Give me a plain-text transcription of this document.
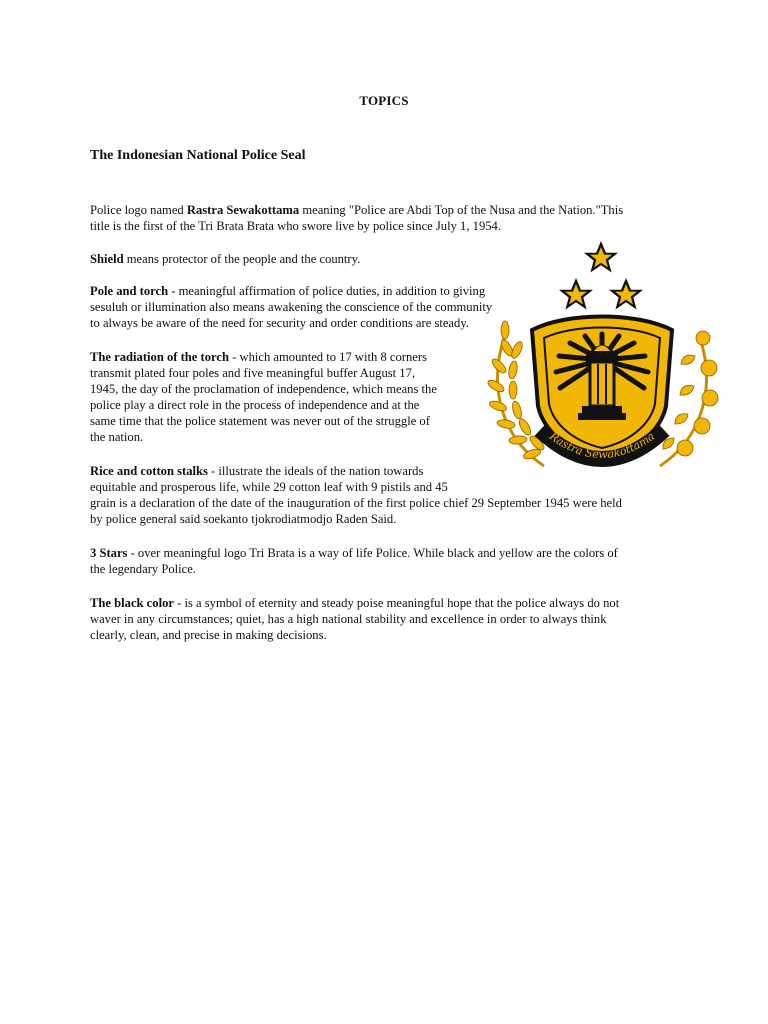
TOPICS
The Indonesian National Police Seal

Police logo named Rastra Sewakottama meaning "Police are Abdi Top of the Nusa and the Nation."This
title is the first of the Tri Brata Brata who swore live by police since July 1, 1954.

Shield means protector of the people and the country.

Pole and torch - meaningful affirmation of police duties, in addition to giving
sesuluh or illumination also means awakening the conscience of the community
to always be aware of the need for security and order conditions are steady.

The radiation of the torch - which amounted to 17 with 8 corners
transmit plated four poles and five meaningful buffer August 17,
1945, the day of the proclamation of independence, which means the
police play a direct role in the process of independence and at the
same time that the police statement was never out of the struggle of
the nation.

Rice and cotton stalks - illustrate the ideals of the nation towards
equitable and prosperous life, while 29 cotton leaf with 9 pistils and 45
grain is a declaration of the date of the inauguration of the first police chief 29 September 1945 were held
by police general said soekanto tjokrodiatmodjo Raden Said.

3 Stars - over meaningful logo Tri Brata is a way of life Police. While black and yellow are the colors of
the legendary Police.

The black color - is a symbol of eternity and steady poise meaningful hope that the police always do not
waver in any circumstances; quiet, has a high national stability and excellence in order to always think
clearly, clean, and precise in making decisions.

Rastra Sewakottama
